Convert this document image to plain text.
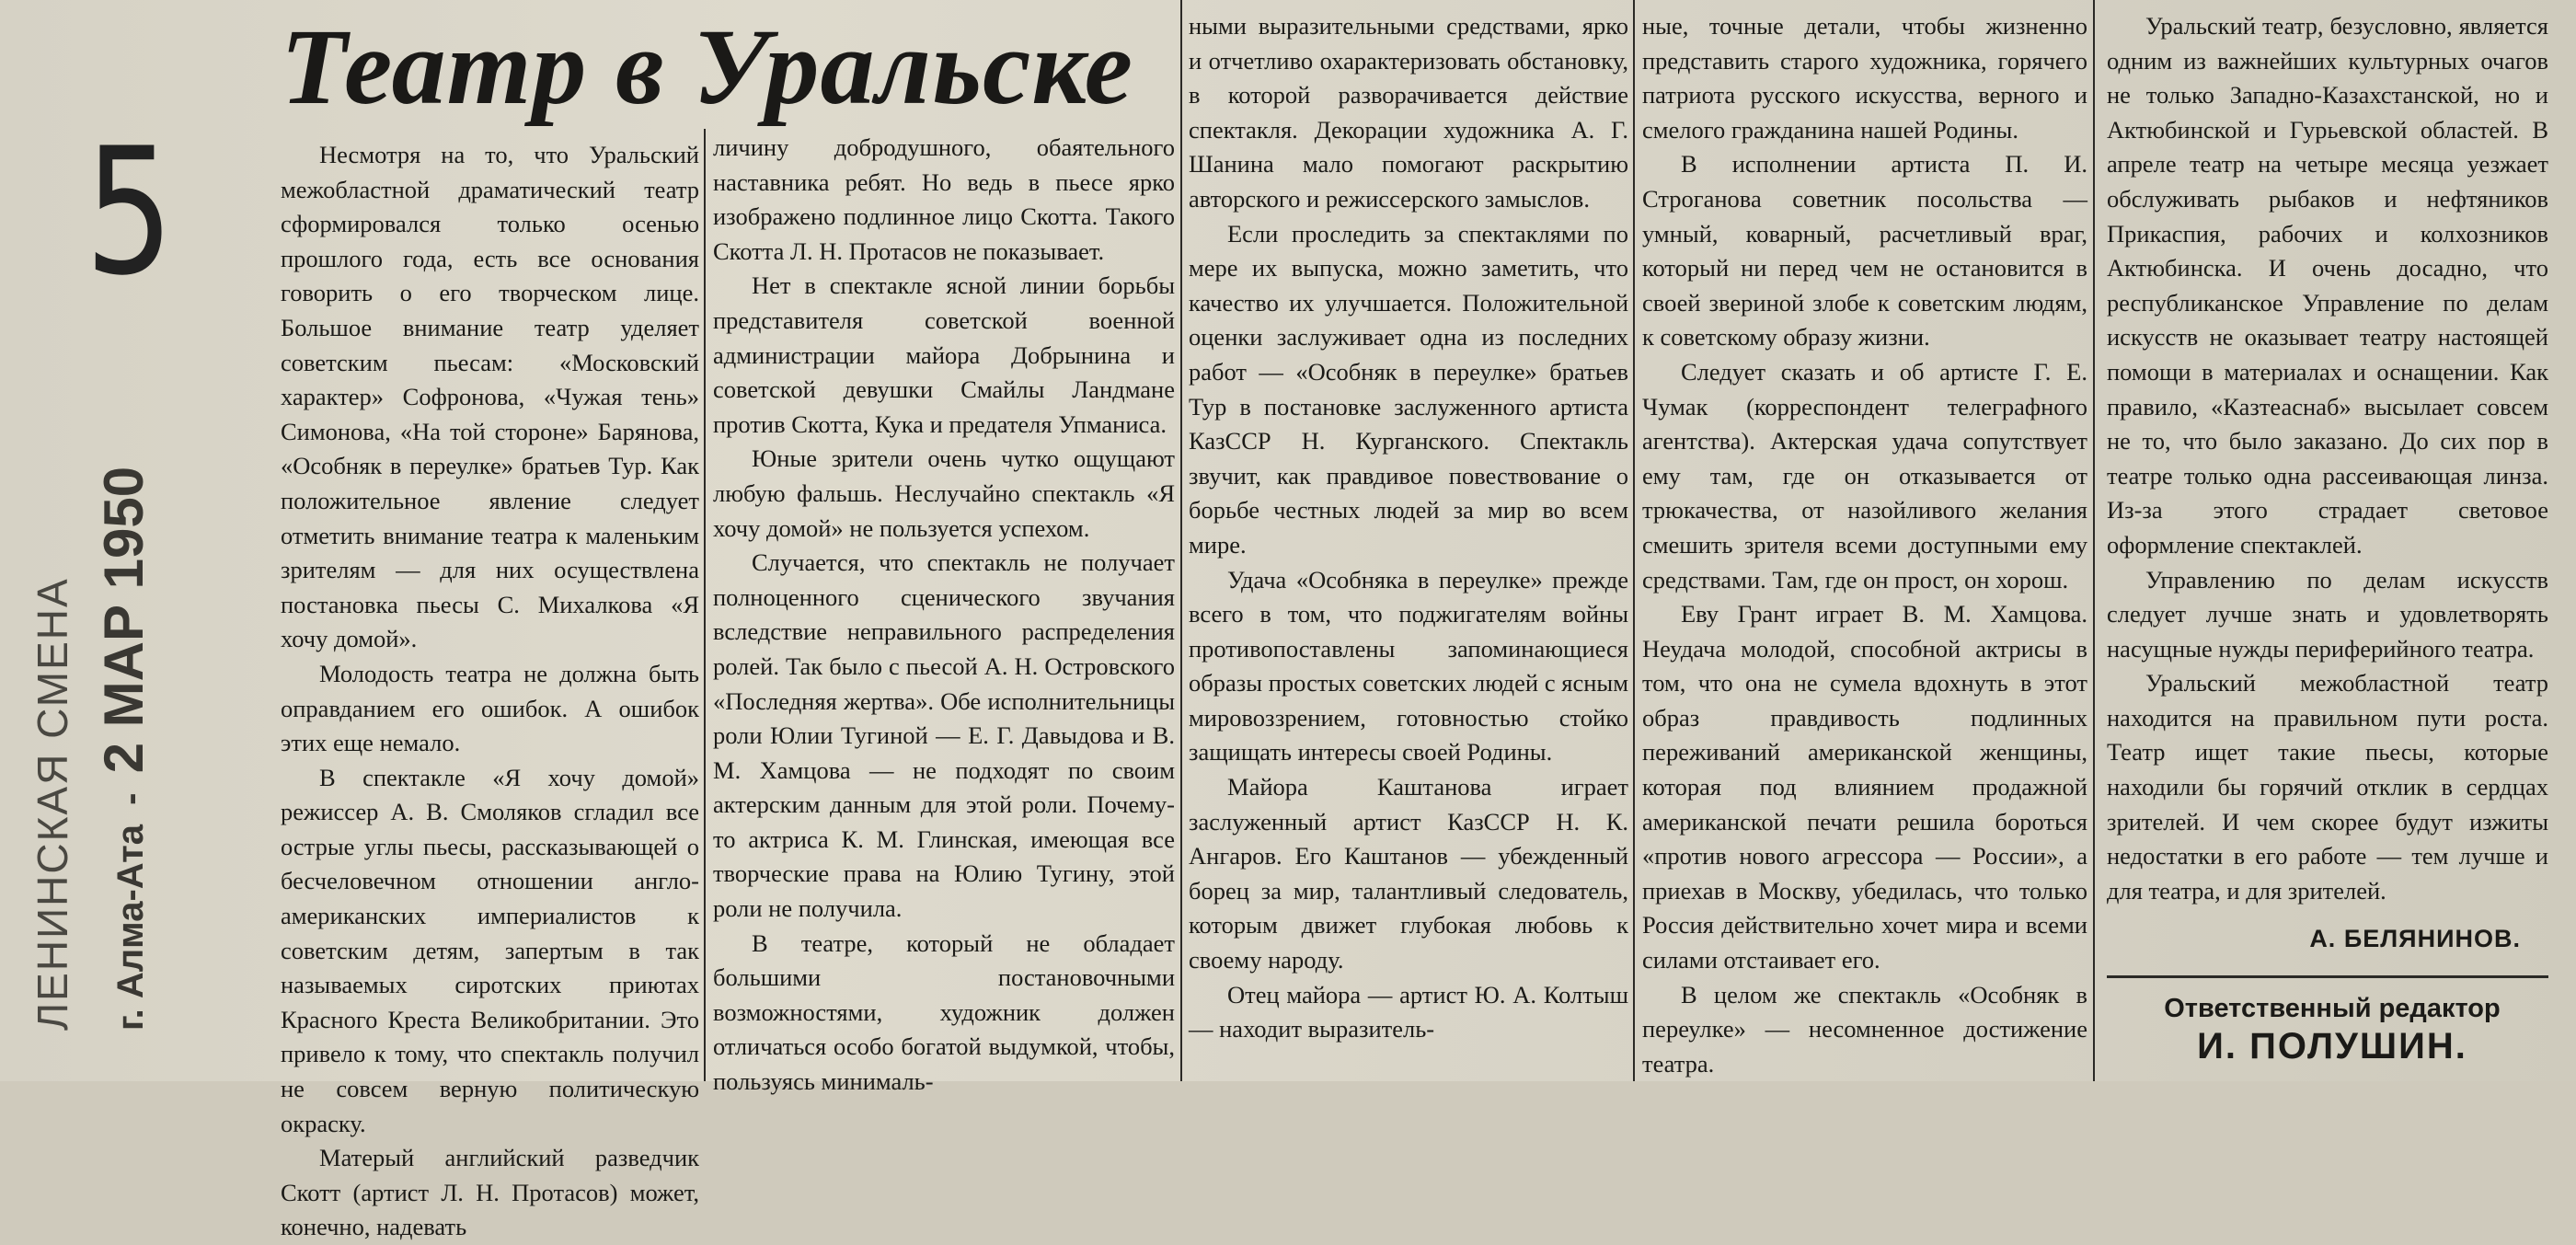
5
ЛЕНИНСКАЯ СМЕНА г. Алма-Ата - 2 МАР 1950
Театр в Уральске

Несмотря на то, что Уральский межобластной драматический театр сформировался только осенью прошлого года, есть все основания говорить о его творческом лице. Большое внимание театр уделяет советским пьесам: «Московский характер» Софронова, «Чужая тень» Симонова, «На той стороне» Барянова, «Особняк в переулке» братьев Тур. Как положительное явление следует отметить внимание театра к маленьким зрителям — для них осуществлена постановка пьесы С. Михалкова «Я хочу домой».

Молодость театра не должна быть оправданием его ошибок. А ошибок этих еще немало.

В спектакле «Я хочу домой» режиссер А. В. Смоляков сгладил все острые углы пьесы, рассказывающей о бесчеловечном отношении англо-американских империалистов к советским детям, запертым в так называемых сиротских приютах Красного Креста Великобритании. Это привело к тому, что спектакль получил не совсем верную политическую окраску.

Матерый английский разведчик Скотт (артист Л. Н. Протасов) может, конечно, надевать

личину добродушного, обаятельного наставника ребят. Но ведь в пьесе ярко изображено подлинное лицо Скотта. Такого Скотта Л. Н. Протасов не показывает.

Нет в спектакле ясной линии борьбы представителя советской военной администрации майора Добрынина и советской девушки Смайлы Ландмане против Скотта, Кука и предателя Упманиса.

Юные зрители очень чутко ощущают любую фальшь. Неслучайно спектакль «Я хочу домой» не пользуется успехом.

Случается, что спектакль не получает полноценного сценического звучания вследствие неправильного распределения ролей. Так было с пьесой А. Н. Островского «Последняя жертва». Обе исполнительницы роли Юлии Тугиной — Е. Г. Давыдова и В. М. Хамцова — не подходят по своим актерским данным для этой роли. Почему-то актриса К. М. Глинская, имеющая все творческие права на Юлию Тугину, этой роли не получила.

В театре, который не обладает большими постановочными возможностями, художник должен отличаться особо богатой выдумкой, чтобы, пользуясь минималь-

ными выразительными средствами, ярко и отчетливо охарактеризовать обстановку, в которой разворачивается действие спектакля. Декорации художника А. Г. Шанина мало помогают раскрытию авторского и режиссерского замыслов.

Если проследить за спектаклями по мере их выпуска, можно заметить, что качество их улучшается. Положительной оценки заслуживает одна из последних работ — «Особняк в переулке» братьев Тур в постановке заслуженного артиста КазССР Н. Курганского. Спектакль звучит, как правдивое повествование о борьбе честных людей за мир во всем мире.

Удача «Особняка в переулке» прежде всего в том, что поджигателям войны противопоставлены запоминающиеся образы простых советских людей с ясным мировоззрением, готовностью стойко защищать интересы своей Родины.

Майора Каштанова играет заслуженный артист КазССР Н. К. Ангаров. Его Каштанов — убежденный борец за мир, талантливый следователь, которым движет глубокая любовь к своему народу.

Отец майора — артист Ю. А. Колтыш — находит выразитель-

ные, точные детали, чтобы жизненно представить старого художника, горячего патриота русского искусства, верного и смелого гражданина нашей Родины.

В исполнении артиста П. И. Строганова советник посольства — умный, коварный, расчетливый враг, который ни перед чем не остановится в своей звериной злобе к советским людям, к советскому образу жизни.

Следует сказать и об артисте Г. Е. Чумак (корреспондент телеграфного агентства). Актерская удача сопутствует ему там, где он отказывается от трюкачества, от назойливого желания смешить зрителя всеми доступными ему средствами. Там, где он прост, он хорош.

Еву Грант играет В. М. Хамцова. Неудача молодой, способной актрисы в том, что она не сумела вдохнуть в этот образ правдивость подлинных переживаний американской женщины, которая под влиянием продажной американской печати решила бороться «против нового агрессора — России», а приехав в Москву, убедилась, что только Россия действительно хочет мира и всеми силами отстаивает его.

В целом же спектакль «Особняк в переулке» — несомненное достижение театра.

Уральский театр, безусловно, является одним из важнейших культурных очагов не только Западно-Казахстанской, но и Актюбинской и Гурьевской областей. В апреле театр на четыре месяца уезжает обслуживать рыбаков и нефтяников Прикаспия, рабочих и колхозников Актюбинска. И очень досадно, что республиканское Управление по делам искусств не оказывает театру настоящей помощи в материалах и оснащении. Как правило, «Казтеаснаб» высылает совсем не то, что было заказано. До сих пор в театре только одна рассеивающая линза. Из-за этого страдает световое оформление спектаклей.

Управлению по делам искусств следует лучше знать и удовлетворять насущные нужды периферийного театра.

Уральский межобластной театр находится на правильном пути роста. Театр ищет такие пьесы, которые находили бы горячий отклик в сердцах зрителей. И чем скорее будут изжиты недостатки в его работе — тем лучше и для театра, и для зрителей.

А. БЕЛЯНИНОВ.
Ответственный редактор
И. ПОЛУШИН.
